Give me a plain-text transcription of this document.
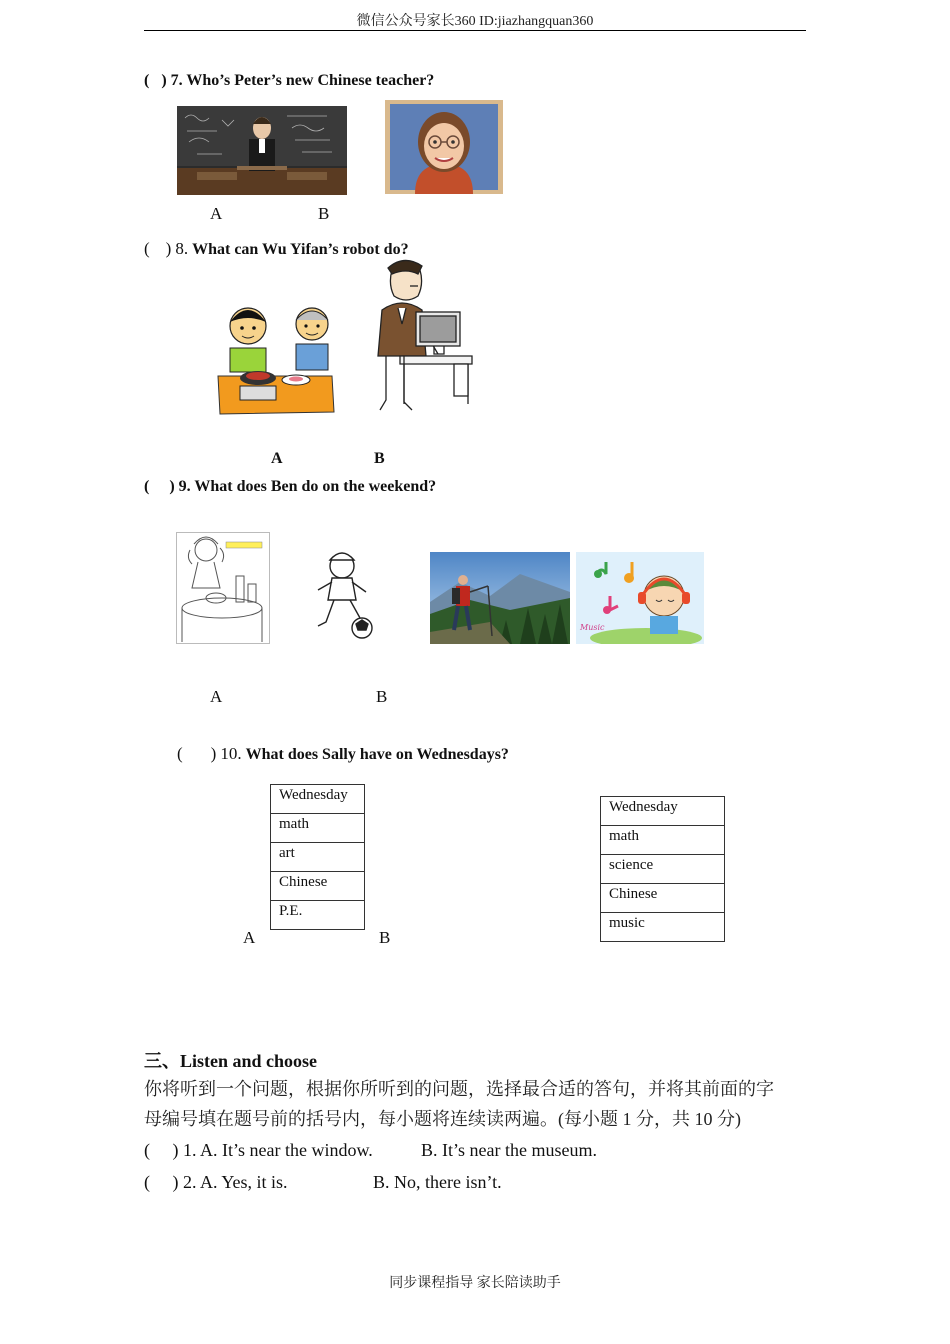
微信公众号家长360 ID:jiazhangquan360
( ) 7. Who’s Peter’s new Chinese teacher?
A	B
( ) 8. What can Wu Yifan’s robot do?
A	B
( ) 9. What does Ben do on the weekend?
Music
A	B
( ) 10. What does Sally have on Wednesdays?
Wednesday
math
art
Chinese
P.E.
Wednesday
math
science
Chinese
music
A	B
三、Listen and choose
你将听到一个问题，根据你所听到的问题，选择最合适的答句，并将其前面的字
母编号填在题号前的括号内，每小题将连续读两遍。(每小题 1 分，共 10 分)
(     ) 1. A. It’s near the window.	B. It’s near the museum.
(     ) 2. A. Yes, it is.	B. No, there isn’t.
同步课程指导 家长陪读助手
